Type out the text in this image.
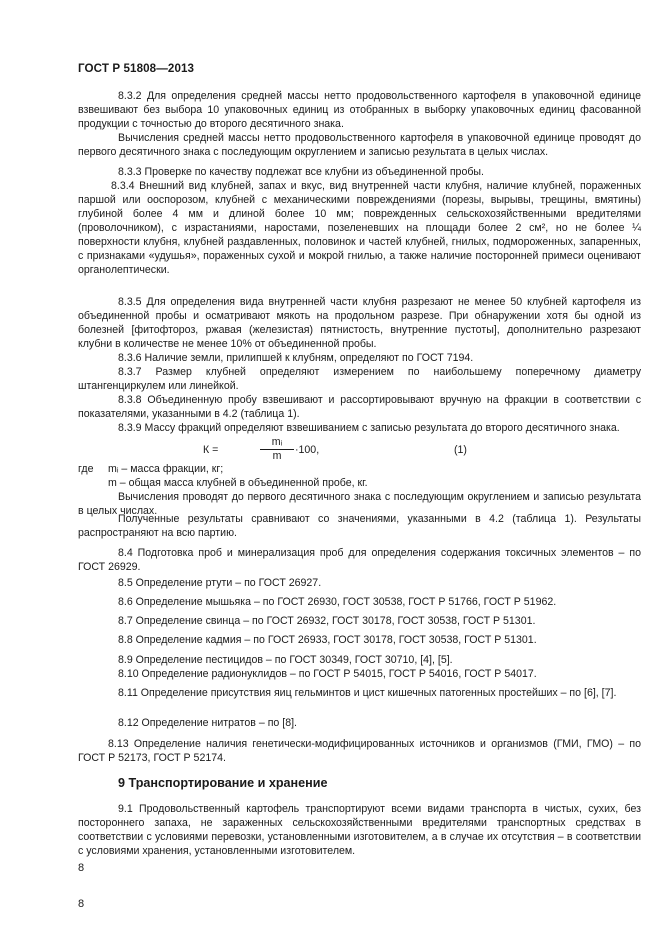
ГОСТ Р 51808—2013

8.3.2 Для определения средней массы нетто продовольственного картофеля в упаковочной единице взвешивают без выбора 10 упаковочных единиц из отобранных в выборку упаковочных единиц фасованной продукции с точностью до второго десятичного знака.

Вычисления средней массы нетто продовольственного картофеля в упаковочной единице проводят до первого десятичного знака с последующим округлением и записью результата в целых числах.

8.3.3 Проверке по качеству подлежат все клубни из объединенной пробы.

8.3.4 Внешний вид клубней, запах и вкус, вид внутренней части клубня, наличие клубней, пораженных паршой или ооспорозом, клубней с механическими повреждениями (порезы, вырывы, трещины, вмятины) глубиной более 4 мм и длиной более 10 мм; поврежденных сельскохозяйственными вредителями (проволочником), с израстаниями, наростами, позеленевших на площади более 2 см², но не более ¼ поверхности клубня, клубней раздавленных, половинок и частей клубней, гнилых, подмороженных, запаренных, с признаками «удушья», пораженных сухой и мокрой гнилью, а также наличие посторонней примеси оценивают органолептически.

8.3.5 Для определения вида внутренней части клубня разрезают не менее 50 клубней картофеля из объединенной пробы и осматривают мякоть на продольном разрезе. При обнаружении хотя бы одной из болезней [фитофтороз, ржавая (железистая) пятнистость, внутренние пустоты], дополнительно разрезают клубни в количестве не менее 10% от объединенной пробы.

8.3.6 Наличие земли, прилипшей к клубням, определяют по ГОСТ 7194.

8.3.7 Размер клубней определяют измерением по наибольшему поперечному диаметру штангенциркулем или линейкой.

8.3.8 Объединенную пробу взвешивают и рассортировывают вручную на фракции в соответствии с показателями, указанными в 4.2 (таблица 1).

8.3.9 Массу фракций определяют взвешиванием с записью результата до второго десятичного знака.

К =
mᵢ
m	·100,	(1)
где mᵢ – масса фракции, кг;
m – общая масса клубней в объединенной пробе, кг.

Вычисления проводят до первого десятичного знака с последующим округлением и записью результата в целых числах.

Полученные результаты сравнивают со значениями, указанными в 4.2 (таблица 1). Результаты распространяют на всю партию.

8.4 Подготовка проб и минерализация проб для определения содержания токсичных элементов – по ГОСТ 26929.

8.5 Определение ртути – по ГОСТ 26927.

8.6 Определение мышьяка – по ГОСТ 26930, ГОСТ 30538, ГОСТ Р 51766, ГОСТ Р 51962.

8.7 Определение свинца – по ГОСТ 26932, ГОСТ 30178, ГОСТ 30538, ГОСТ Р 51301.

8.8 Определение кадмия – по ГОСТ 26933, ГОСТ 30178, ГОСТ 30538, ГОСТ Р 51301.

8.9 Определение пестицидов – по ГОСТ 30349, ГОСТ 30710, [4], [5].

8.10 Определение радионуклидов – по ГОСТ Р 54015, ГОСТ Р 54016, ГОСТ Р 54017.

8.11 Определение присутствия яиц гельминтов и цист кишечных патогенных простейших – по [6], [7].

8.12 Определение нитратов – по [8].

8.13 Определение наличия генетически-модифицированных источников и организмов (ГМИ, ГМО) – по ГОСТ Р 52173, ГОСТ Р 52174.

9 Транспортирование и хранение

9.1 Продовольственный картофель транспортируют всеми видами транспорта в чистых, сухих, без постороннего запаха, не зараженных сельскохозяйственными вредителями транспортных средствах в соответствии с условиями перевозки, установленными изготовителем, а в случае их отсутствия – в соответствии с условиями хранения, установленными изготовителем.

8
8
